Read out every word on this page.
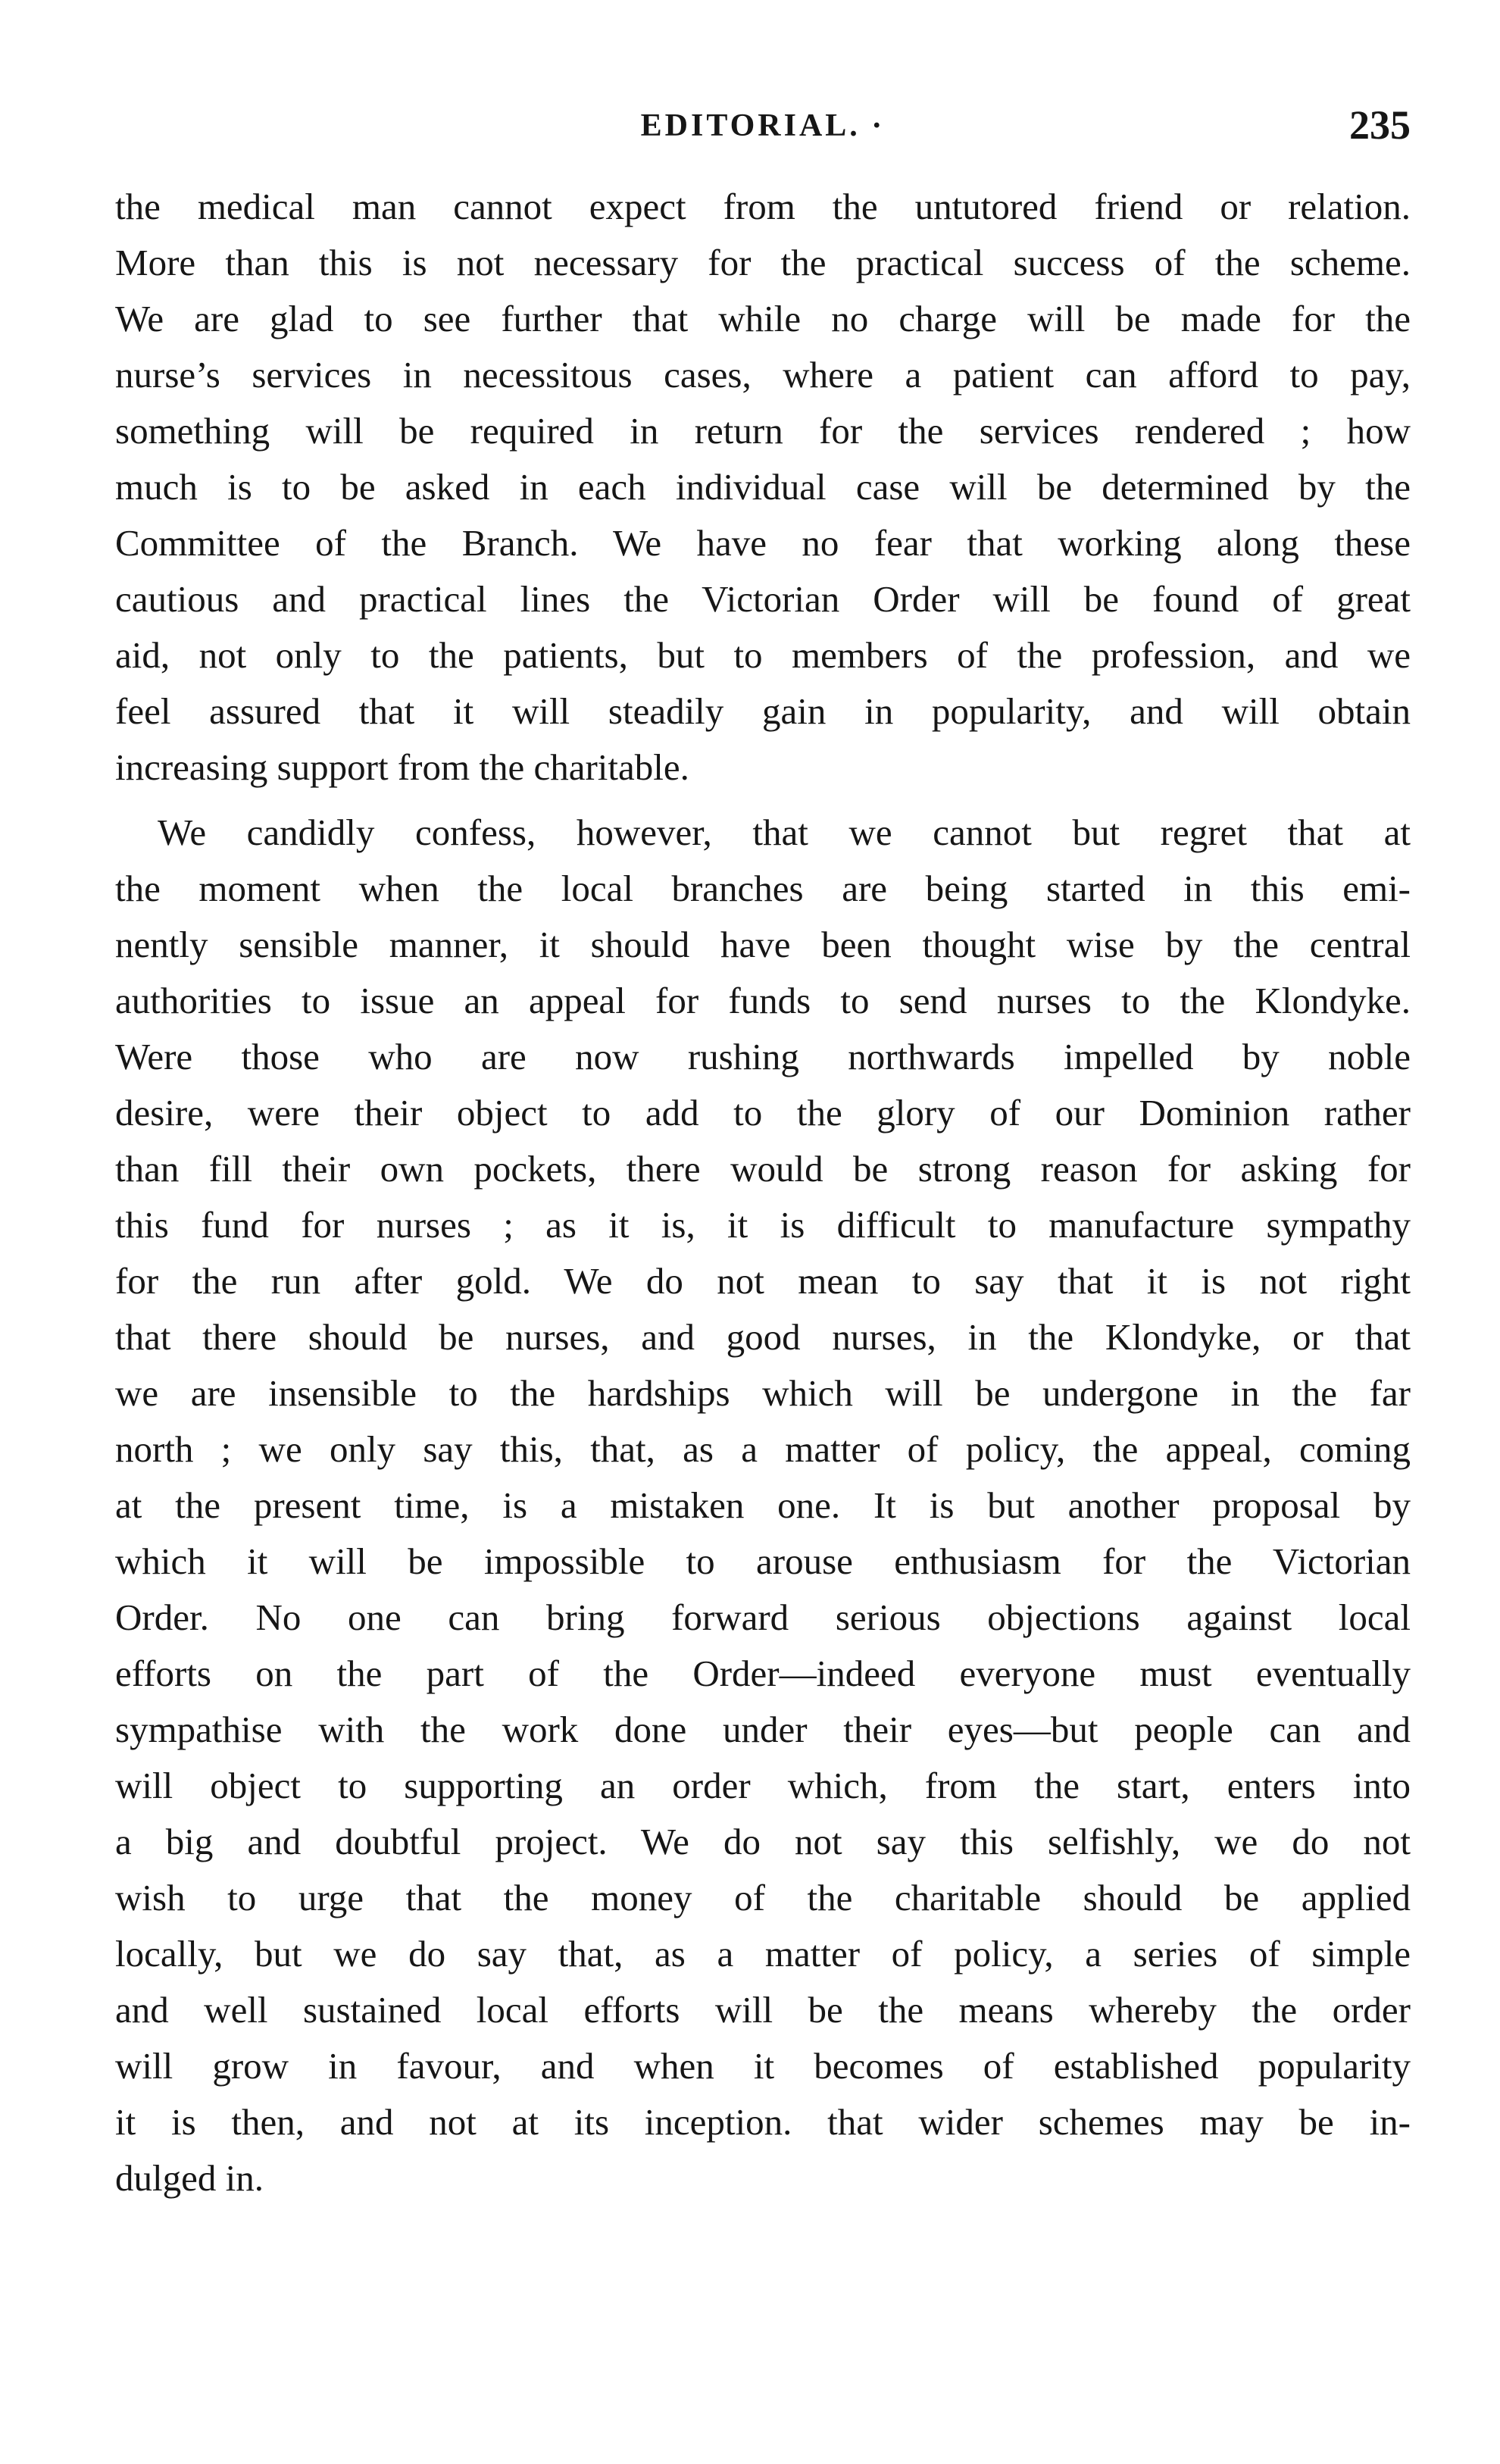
EDITORIAL. ·	235
the medical man cannot expect from the untutored friend or relation.
More than this is not necessary for the practical success of the scheme.
We are glad to see further that while no charge will be made for the
nurse’s services in necessitous cases, where a patient can afford to pay,
something will be required in return for the services rendered ; how
much is to be asked in each individual case will be determined by the
Committee of the Branch. We have no fear that working along these
cautious and practical lines the Victorian Order will be found of great
aid, not only to the patients, but to members of the profession, and we
feel assured that it will steadily gain in popularity, and will obtain
increasing support from the charitable.
We candidly confess, however, that we cannot but regret that at
the moment when the local branches are being started in this emi-
nently sensible manner, it should have been thought wise by the central
authorities to issue an appeal for funds to send nurses to the Klondyke.
Were those who are now rushing northwards impelled by noble
desire, were their object to add to the glory of our Dominion rather
than fill their own pockets, there would be strong reason for asking for
this fund for nurses ; as it is, it is difficult to manufacture sympathy
for the run after gold. We do not mean to say that it is not right
that there should be nurses, and good nurses, in the Klondyke, or that
we are insensible to the hardships which will be undergone in the far
north ; we only say this, that, as a matter of policy, the appeal, coming
at the present time, is a mistaken one. It is but another proposal by
which it will be impossible to arouse enthusiasm for the Victorian
Order. No one can bring forward serious objections against local
efforts on the part of the Order—indeed everyone must eventually
sympathise with the work done under their eyes—but people can and
will object to supporting an order which, from the start, enters into
a big and doubtful project. We do not say this selfishly, we do not
wish to urge that the money of the charitable should be applied
locally, but we do say that, as a matter of policy, a series of simple
and well sustained local efforts will be the means whereby the order
will grow in favour, and when it becomes of established popularity
it is then, and not at its inception. that wider schemes may be in-
dulged in.
